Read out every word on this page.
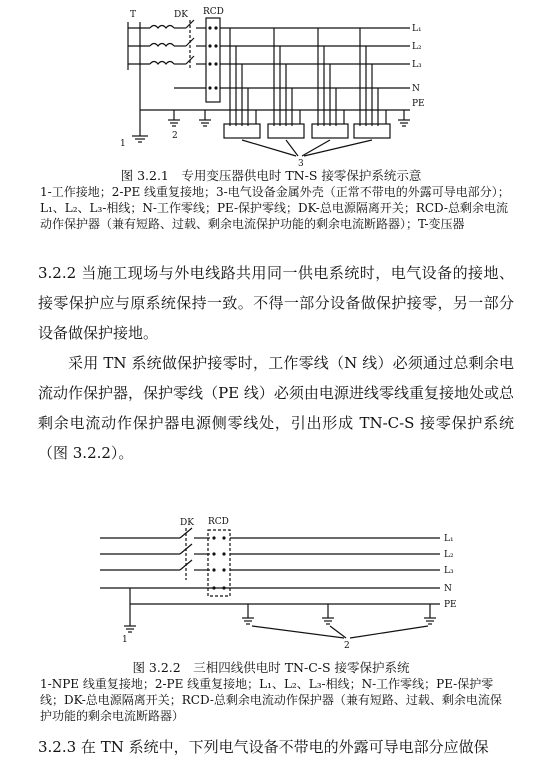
T	DK RCD
L₁
L₂
L₃
N
PE
1
2
3
图 3.2.1　专用变压器供电时 TN-S 接零保护系统示意
1-工作接地；2-PE 线重复接地；3-电气设备金属外壳（正常不带电的外露可导电部分）；L₁、L₂、L₃-相线；N-工作零线；PE-保护零线；DK-总电源隔离开关；RCD-总剩余电流动作保护器（兼有短路、过载、剩余电流保护功能的剩余电流断路器）；T-变压器
3.2.2 当施工现场与外电线路共用同一供电系统时，电气设备的接地、接零保护应与原系统保持一致。不得一部分设备做保护接零，另一部分设备做保护接地。
采用 TN 系统做保护接零时，工作零线（N 线）必须通过总剩余电流动作保护器，保护零线（PE 线）必须由电源进线零线重复接地处或总剩余电流动作保护器电源侧零线处，引出形成 TN-C-S 接零保护系统（图 3.2.2）。
DK RCD
L₁
L₂
L₃
N
PE
1
2
图 3.2.2　三相四线供电时 TN-C-S 接零保护系统
1-NPE 线重复接地；2-PE 线重复接地；L₁、L₂、L₃-相线；N-工作零线；PE-保护零线；DK-总电源隔离开关；RCD-总剩余电流动作保护器（兼有短路、过载、剩余电流保护功能的剩余电流断路器）
3.2.3 在 TN 系统中，下列电气设备不带电的外露可导电部分应做保
